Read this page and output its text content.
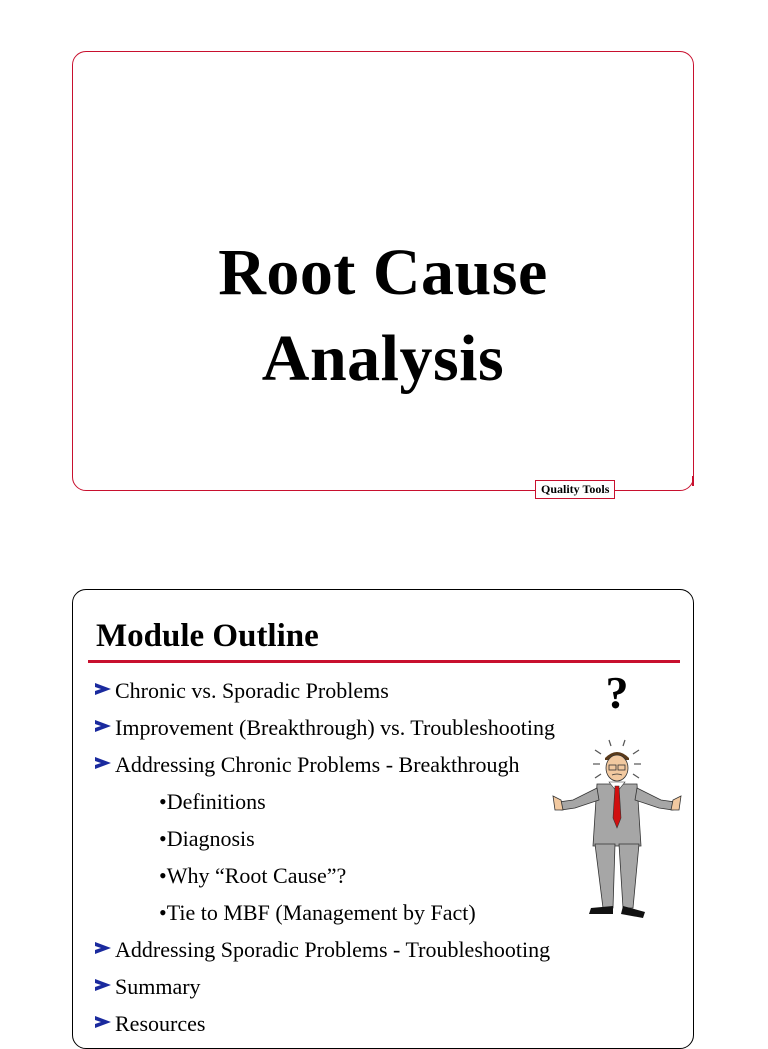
Root Cause
Analysis
Quality Tools
Module Outline
Chronic vs. Sporadic Problems
Improvement (Breakthrough) vs. Troubleshooting
Addressing Chronic Problems - Breakthrough
•Definitions
•Diagnosis
•Why “Root Cause”?
•Tie to MBF (Management by Fact)
Addressing Sporadic Problems - Troubleshooting
Summary
Resources
?
